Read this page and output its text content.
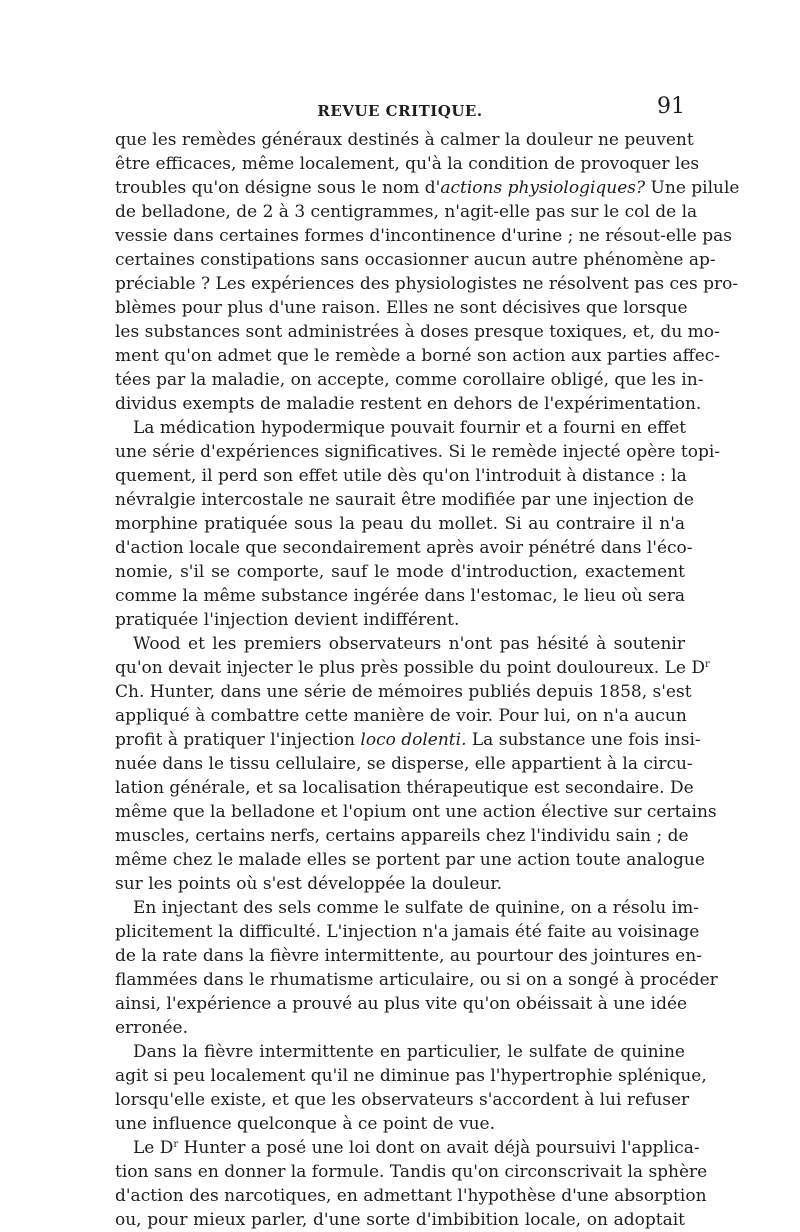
REVUE CRITIQUE.	91
que les remèdes généraux destinés à calmer la douleur ne peuvent
être efficaces, même localement, qu'à la condition de provoquer les
troubles qu'on désigne sous le nom d'actions physiologiques? Une pilule
de belladone, de 2 à 3 centigrammes, n'agit-elle pas sur le col de la
vessie dans certaines formes d'incontinence d'urine ; ne résout-elle pas
certaines constipations sans occasionner aucun autre phénomène ap-
préciable ? Les expériences des physiologistes ne résolvent pas ces pro-
blèmes pour plus d'une raison. Elles ne sont décisives que lorsque
les substances sont administrées à doses presque toxiques, et, du mo-
ment qu'on admet que le remède a borné son action aux parties affec-
tées par la maladie, on accepte, comme corollaire obligé, que les in-
dividus exempts de maladie restent en dehors de l'expérimentation.
La médication hypodermique pouvait fournir et a fourni en effet
une série d'expériences significatives. Si le remède injecté opère topi-
quement, il perd son effet utile dès qu'on l'introduit à distance : la
névralgie intercostale ne saurait être modifiée par une injection de
morphine pratiquée sous la peau du mollet. Si au contraire il n'a
d'action locale que secondairement après avoir pénétré dans l'éco-
nomie, s'il se comporte, sauf le mode d'introduction, exactement
comme la même substance ingérée dans l'estomac, le lieu où sera
pratiquée l'injection devient indifférent.
Wood et les premiers observateurs n'ont pas hésité à soutenir
qu'on devait injecter le plus près possible du point douloureux. Le $D^r$
Ch. Hunter, dans une série de mémoires publiés depuis 1858, s'est
appliqué à combattre cette manière de voir. Pour lui, on n'a aucun
profit à pratiquer l'injection loco dolenti. La substance une fois insi-
nuée dans le tissu cellulaire, se disperse, elle appartient à la circu-
lation générale, et sa localisation thérapeutique est secondaire. De
même que la belladone et l'opium ont une action élective sur certains
muscles, certains nerfs, certains appareils chez l'individu sain ; de
même chez le malade elles se portent par une action toute analogue
sur les points où s'est développée la douleur.
En injectant des sels comme le sulfate de quinine, on a résolu im-
plicitement la difficulté. L'injection n'a jamais été faite au voisinage
de la rate dans la fièvre intermittente, au pourtour des jointures en-
flammées dans le rhumatisme articulaire, ou si on a songé à procéder
ainsi, l'expérience a prouvé au plus vite qu'on obéissait à une idée
erronée.
Dans la fièvre intermittente en particulier, le sulfate de quinine
agit si peu localement qu'il ne diminue pas l'hypertrophie splénique,
lorsqu'elle existe, et que les observateurs s'accordent à lui refuser
une influence quelconque à ce point de vue.
Le $D^r$ Hunter a posé une loi dont on avait déjà poursuivi l'applica-
tion sans en donner la formule. Tandis qu'on circonscrivait la sphère
d'action des narcotiques, en admettant l'hypothèse d'une absorption
ou, pour mieux parler, d'une sorte d'imbibition locale, on adoptait
